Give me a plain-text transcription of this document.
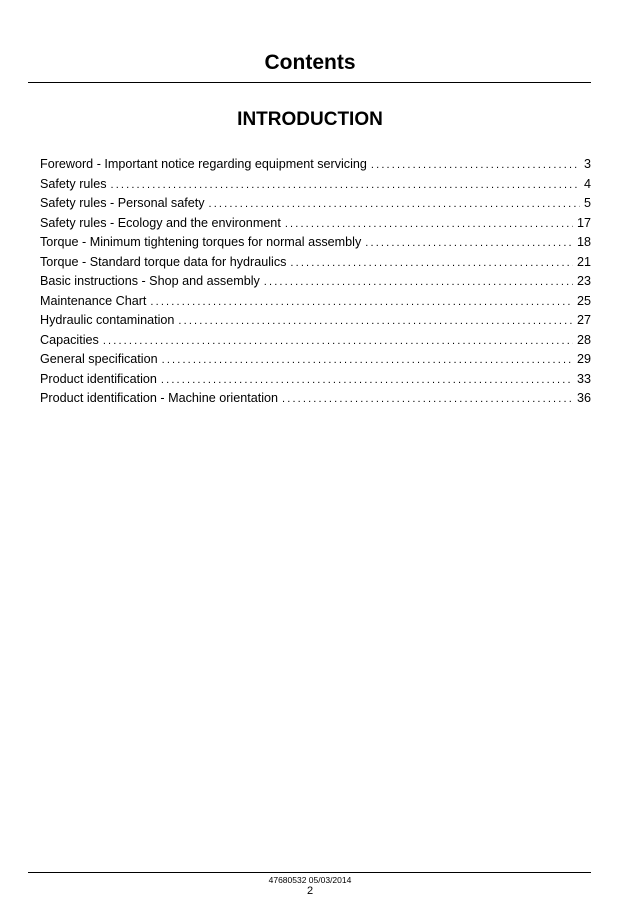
Contents
INTRODUCTION
Foreword - Important notice regarding equipment servicing . . .	3
Safety rules . . .	4
Safety rules - Personal safety . . .	5
Safety rules - Ecology and the environment . . .	17
Torque - Minimum tightening torques for normal assembly . . .	18
Torque - Standard torque data for hydraulics . . .	21
Basic instructions - Shop and assembly . . .	23
Maintenance Chart . . .	25
Hydraulic contamination . . .	27
Capacities . . .	28
General specification . . .	29
Product identification . . .	33
Product identification - Machine orientation . . .	36
47680532 05/03/2014
2
